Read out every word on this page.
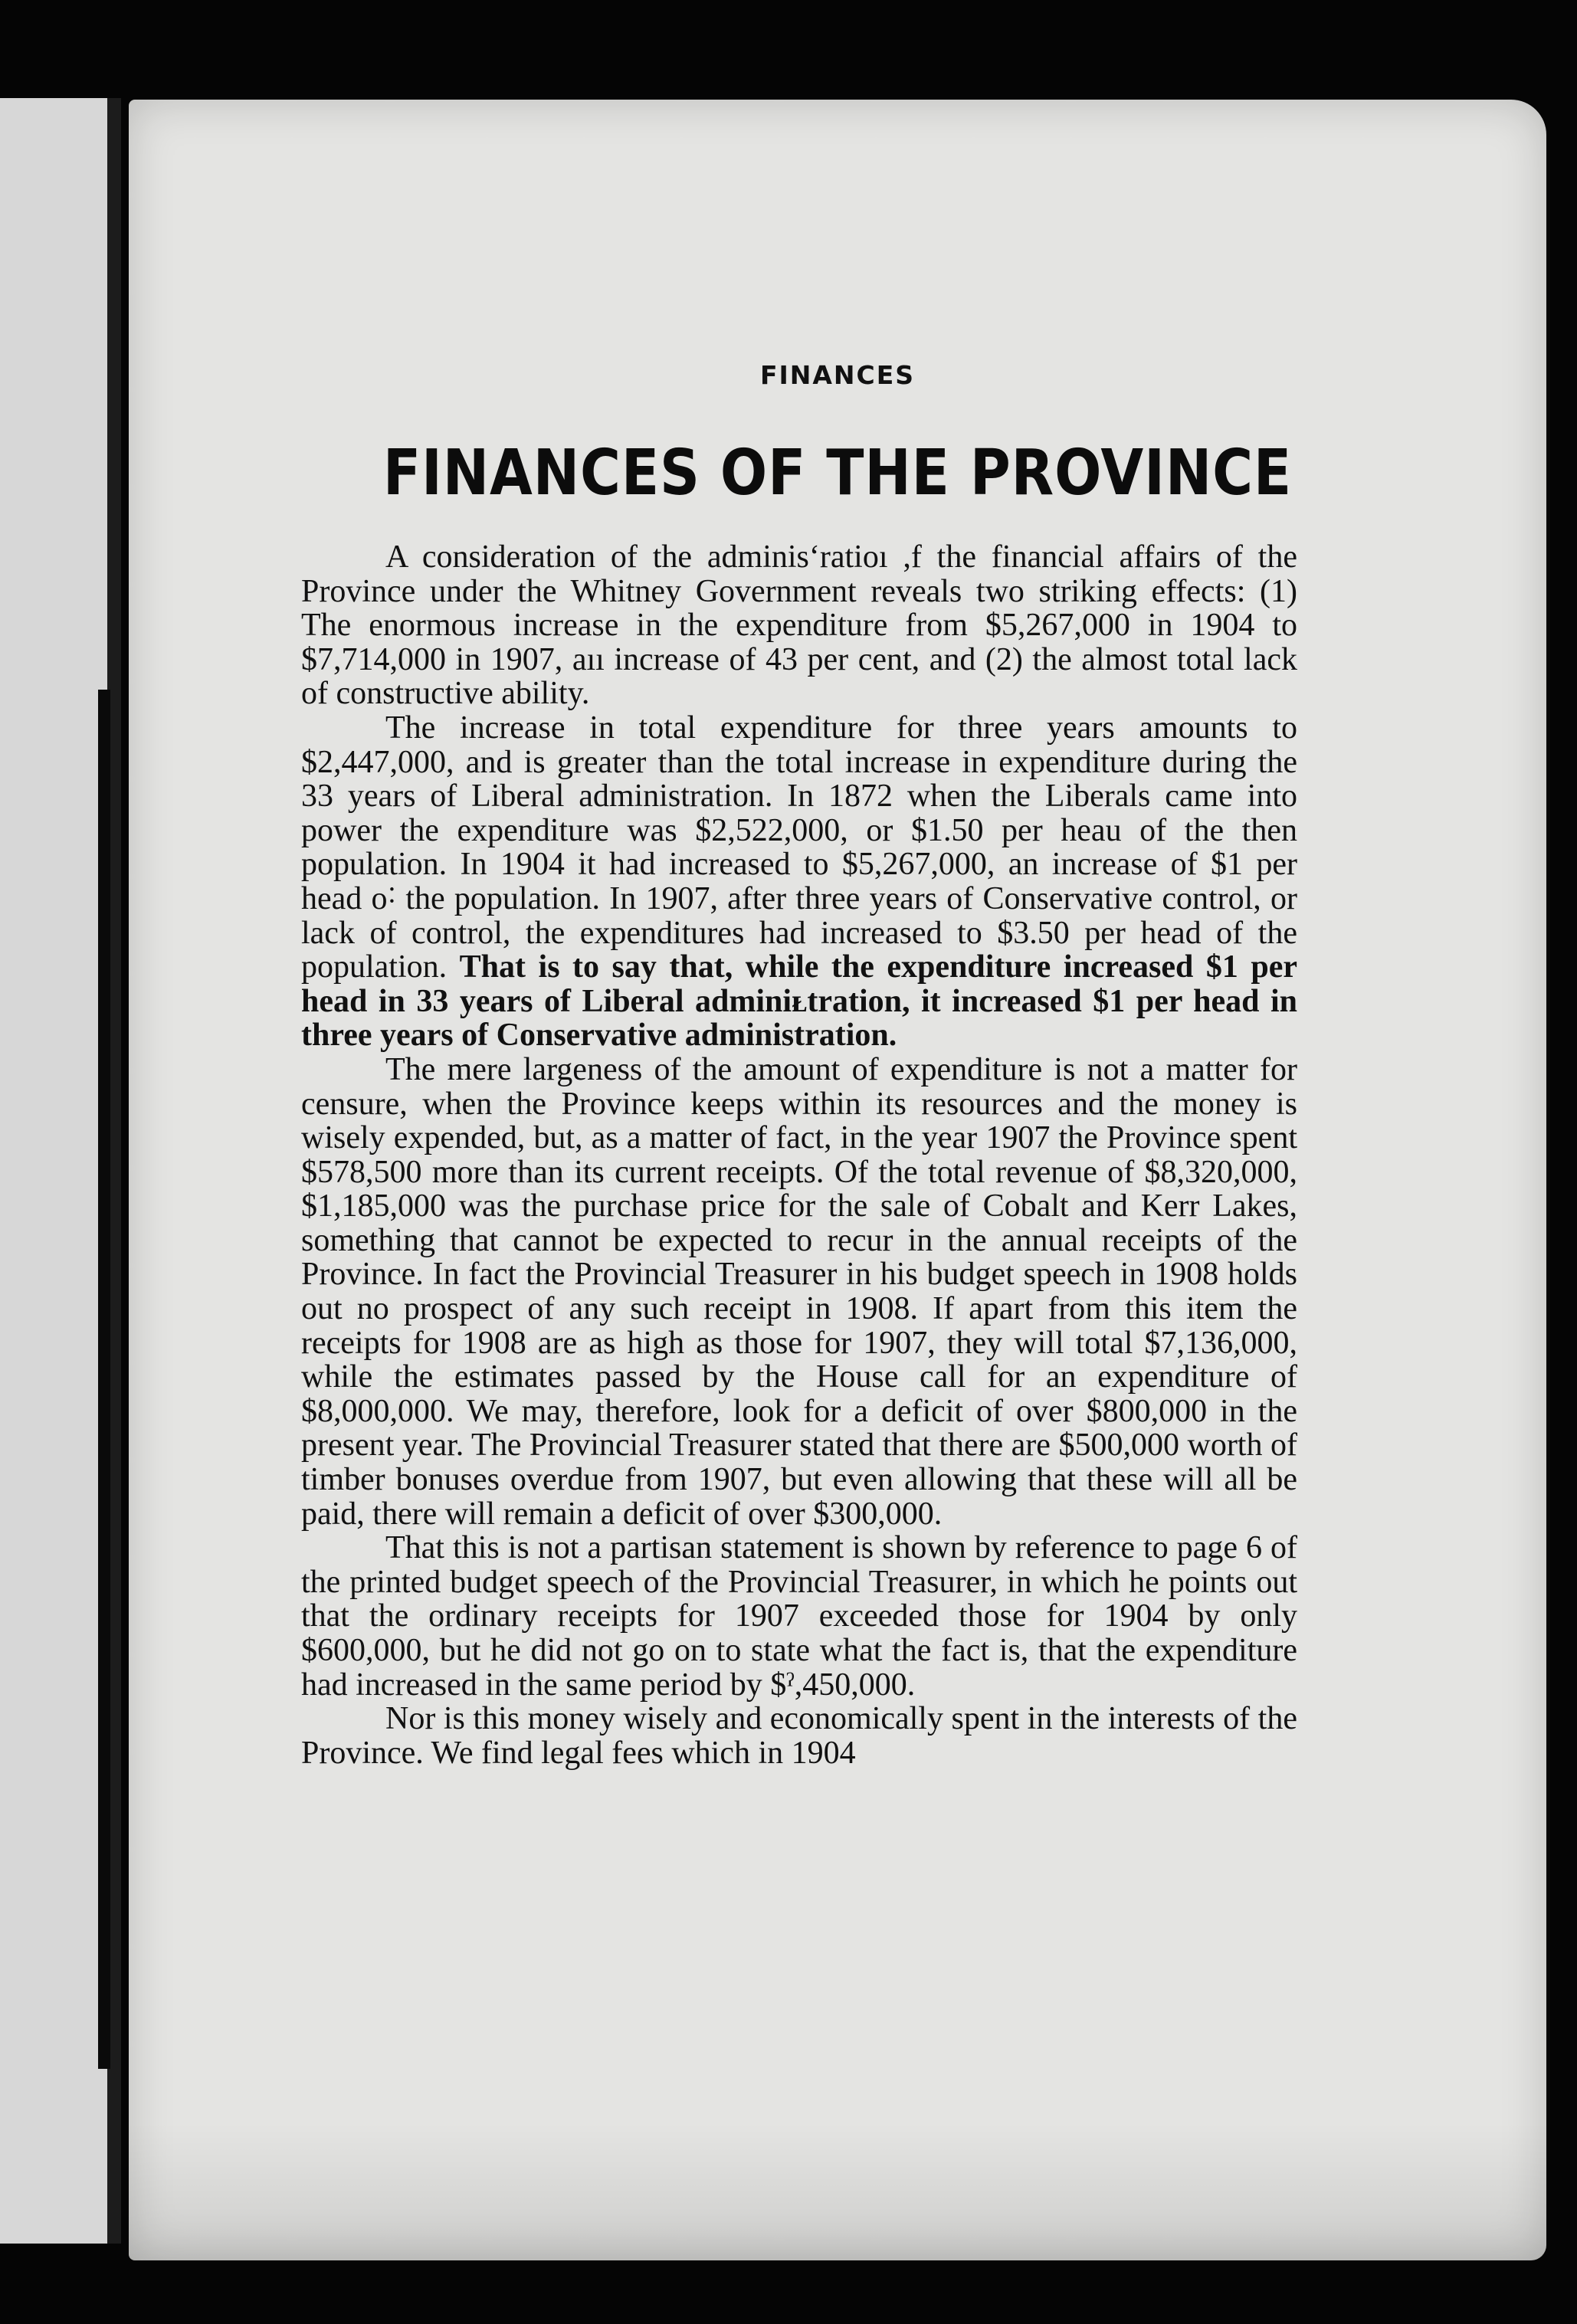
FINANCES
FINANCES OF THE PROVINCE

A consideration of the adminis‘ratioı ,f the financial affairs of the Province under the Whitney Government reveals two striking effects: (1) The enormous increase in the expenditure from $5,267,000 in 1904 to $7,714,000 in 1907, aıı increase of 43 per cent, and (2) the almost total lack of constructive ability.

The increase in total expenditure for three years amounts to $2,447,000, and is greater than the total increase in expenditure during the 33 years of Liberal administration. In 1872 when the Liberals came into power the expenditure was $2,522,000, or $1.50 per heau of the then population. In 1904 it had increased to $5,267,000, an increase of $1 per head ᴏ˸ the population. In 1907, after three years of Conservative control, or lack of control, the expenditures had increased to $3.50 per head of the population. That is to say that, while the expenditure increased $1 per head in 33 years of Liberal adminiᴌtration, it increased $1 per head in three years of Conservative administration.

The mere largeness of the amount of expenditure is not a matter for censure, when the Province keeps within its resources and the money is wisely expended, but, as a matter of fact, in the year 1907 the Province spent $578,500 more than its current receipts. Of the total revenue of $8,320,000, $1,185,000 was the purchase price for the sale of Cobalt and Kerr Lakes, something that cannot be expected to recur in the annual receipts of the Province. In fact the Provincial Treasurer in his budget speech in 1908 holds out no prospect of any such receipt in 1908. If apart from this item the receipts for 1908 are as high as those for 1907, they will total $7,136,000, while the estimates passed by the House call for an expenditure of $8,000,000. We may, therefore, look for a deficit of over $800,000 in the present year. The Provincial Treasurer stated that there are $500,000 worth of timber bonuses overdue from 1907, but even allowing that these will all be paid, there will remain a deficit of over $300,000.

That this is not a partisan statement is shown by reference to page 6 of the printed budget speech of the Provincial Treasurer, in which he points out that the ordinary receipts for 1907 exceeded those for 1904 by only $600,000, but he did not go on to state what the fact is, that the expenditure had increased in the same period by $ˀ,450,000.

Nor is this money wisely and economically spent in the interests of the Province. We find legal fees which in 1904
